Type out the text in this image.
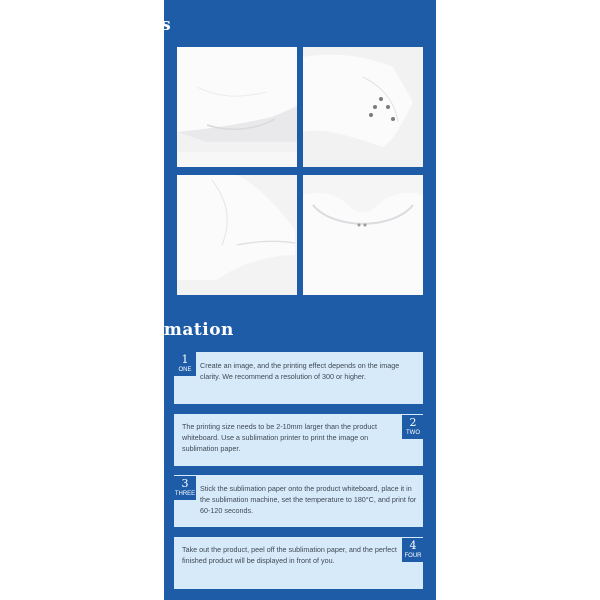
Details
How to sublimation
1
ONE	Create an image, and the printing effect depends on the image clarity. We recommend a resolution of 300 or higher.
2
TWO
The printing size needs to be 2-10mm larger than the product whiteboard. Use a sublimation printer to print the image on sublimation paper.
3
THREE
Stick the sublimation paper onto the product whiteboard, place it in the sublimation machine, set the temperature to 180°C, and print for 60-120 seconds.
4
FOUR
Take out the product, peel off the sublimation paper, and the perfect finished product will be displayed in front of you.
